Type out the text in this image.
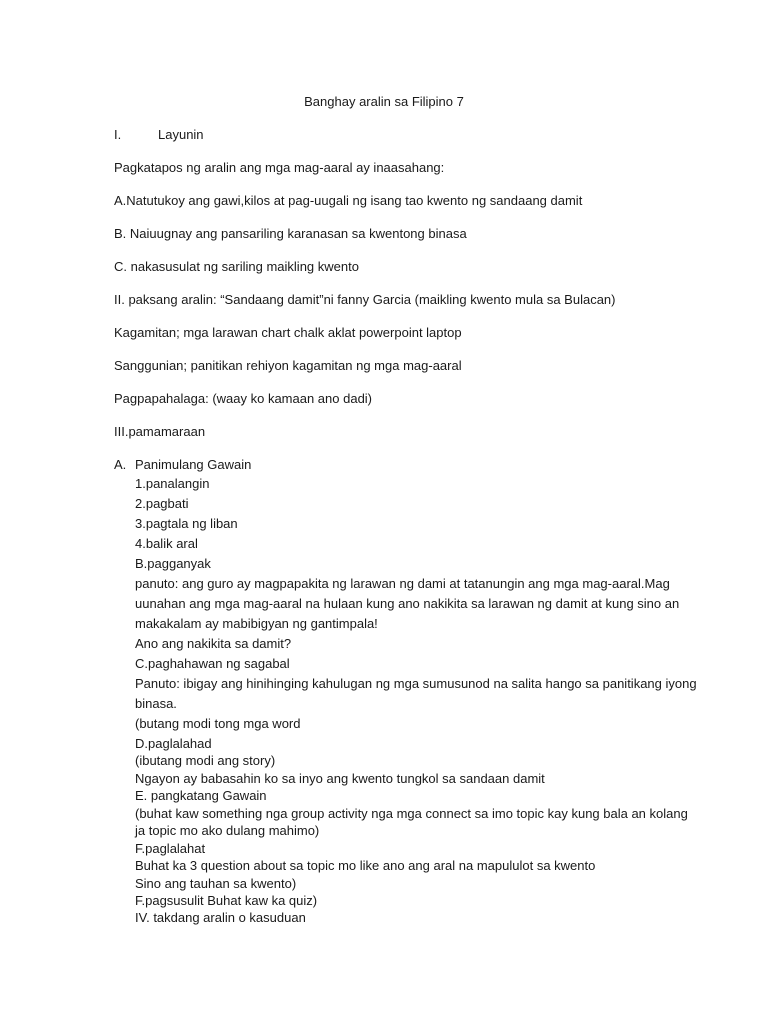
Banghay aralin sa Filipino 7
I.	Layunin
Pagkatapos ng aralin ang mga mag-aaral ay inaasahang:
A.Natutukoy ang gawi,kilos at pag-uugali ng isang tao kwento ng sandaang damit
B. Naiuugnay ang pansariling karanasan sa kwentong binasa
C. nakasusulat ng sariling maikling kwento
II. paksang aralin: “Sandaang damit”ni fanny Garcia (maikling kwento mula sa Bulacan)
Kagamitan; mga larawan chart chalk aklat powerpoint laptop
Sanggunian; panitikan rehiyon kagamitan ng mga mag-aaral
Pagpapahalaga: (waay ko kamaan ano dadi)
III.pamamaraan
A. Panimulang Gawain
1.panalangin
2.pagbati
3.pagtala ng liban
4.balik aral
B.pagganyak
panuto: ang guro ay magpapakita ng larawan ng dami at tatanungin ang mga mag-aaral.Mag
uunahan ang mga mag-aaral na hulaan kung ano nakikita sa larawan ng damit at kung sino an
makakalam ay mabibigyan ng gantimpala!
Ano ang nakikita sa damit?
C.paghahawan ng sagabal
Panuto: ibigay ang hinihinging kahulugan ng mga sumusunod na salita hango sa panitikang iyong
binasa.
(butang modi tong mga word
D.paglalahad
(ibutang modi ang story)
Ngayon ay babasahin ko sa inyo ang kwento tungkol sa sandaan damit
E. pangkatang Gawain
(buhat kaw something nga group activity nga mga connect sa imo topic kay kung bala an kolang
ja topic mo ako dulang mahimo)
F.paglalahat
Buhat ka 3 question about sa topic mo like ano ang aral na mapululot sa kwento
Sino ang tauhan sa kwento)
F.pagsusulit Buhat kaw ka quiz)
IV. takdang aralin o kasuduan
